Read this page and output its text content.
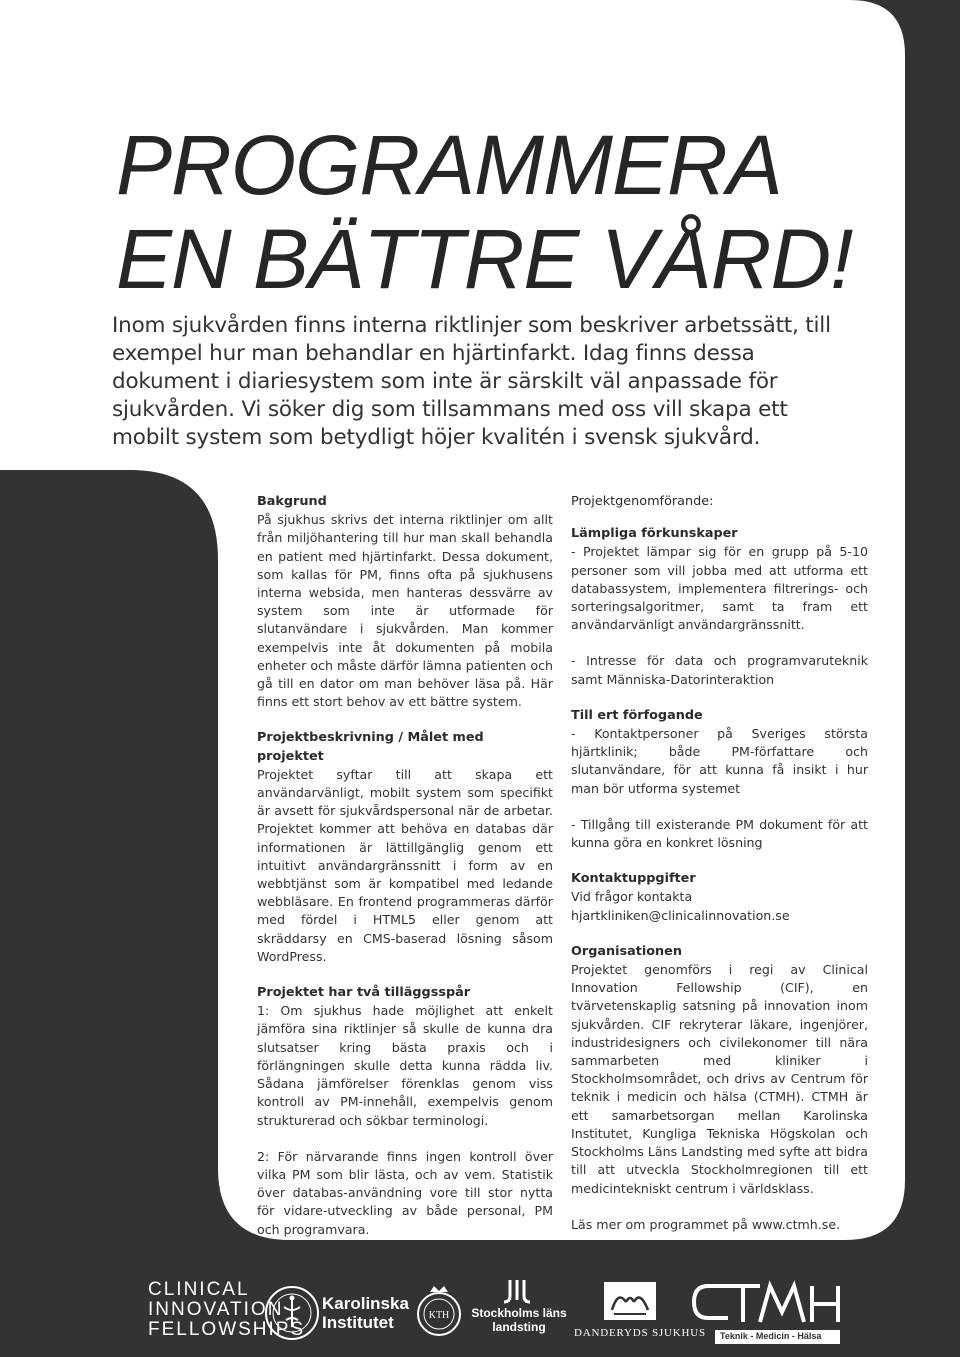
PROGRAMMERA
EN BÄTTRE VÅRD!

Inom sjukvården finns interna riktlinjer som beskriver arbetssätt, till exempel hur man behandlar en hjärtinfarkt. Idag finns dessa dokument i diariesystem som inte är särskilt väl anpassade för sjukvården. Vi söker dig som tillsammans med oss vill skapa ett mobilt system som betydligt höjer kvalitén i svensk sjukvård.

Bakgrund

På sjukhus skrivs det interna riktlinjer om allt från miljöhantering till hur man skall behandla en patient med hjärtinfarkt. Dessa dokument, som kallas för PM, finns ofta på sjukhusens interna websida, men hanteras dessvärre av system som inte är utformade för slutanvändare i sjukvården. Man kommer exempelvis inte åt dokumenten på mobila enheter och måste därför lämna patienten och gå till en dator om man behöver läsa på. Här finns ett stort behov av ett bättre system.

Projektbeskrivning / Målet med projektet

Projektet syftar till att skapa ett användarvänligt, mobilt system som specifikt är avsett för sjukvårdspersonal när de arbetar. Projektet kommer att behöva en databas där informationen är lättillgänglig genom ett intuitivt användargränssnitt i form av en webbtjänst som är kompatibel med ledande webbläsare. En frontend programmeras därför med fördel i HTML5 eller genom att skräddarsy en CMS-baserad lösning såsom WordPress.

Projektet har två tilläggsspår

1: Om sjukhus hade möjlighet att enkelt jämföra sina riktlinjer så skulle de kunna dra slutsatser kring bästa praxis och i förlängningen skulle detta kunna rädda liv. Sådana jämförelser förenklas genom viss kontroll av PM-innehåll, exempelvis genom strukturerad och sökbar terminologi.

2: För närvarande finns ingen kontroll över vilka PM som blir lästa, och av vem. Statistik över databas-användning vore till stor nytta för vidare-utveckling av både personal, PM och programvara.

Projektgenomförande:
Lämpliga förkunskaper

- Projektet lämpar sig för en grupp på 5-10 personer som vill jobba med att utforma ett databassystem, implementera filtrerings- och sorteringsalgoritmer, samt ta fram ett användarvänligt användargränssnitt.

- Intresse för data och programvaruteknik samt Människa-Datorinteraktion

Till ert förfogande

- Kontaktpersoner på Sveriges största hjärtklinik; både PM-författare och slutanvändare, för att kunna få insikt i hur man bör utforma systemet

- Tillgång till existerande PM dokument för att kunna göra en konkret lösning

Kontaktuppgifter

Vid frågor kontakta
hjartkliniken@clinicalinnovation.se

Organisationen

Projektet genomförs i regi av Clinical Innovation Fellowship (CIF), en tvärvetenskaplig satsning på innovation inom sjukvården. CIF rekryterar läkare, ingenjörer, industridesigners och civilekonomer till nära sammarbeten med kliniker i Stockholmsområdet, och drivs av Centrum för teknik i medicin och hälsa (CTMH). CTMH är ett samarbetsorgan mellan Karolinska Institutet, Kungliga Tekniska Högskolan och Stockholms Läns Landsting med syfte att bidra till att utveckla Stockholmregionen till ett medicintekniskt centrum i världsklass.

Läs mer om programmet på www.ctmh.se.

CLINICAL
INNOVATION
FELLOWSHIPS
Karolinska
Institutet	KTH Stockholms läns
landsting	DANDERYDS SJUKHUS Teknik - Medicin - Hälsa
